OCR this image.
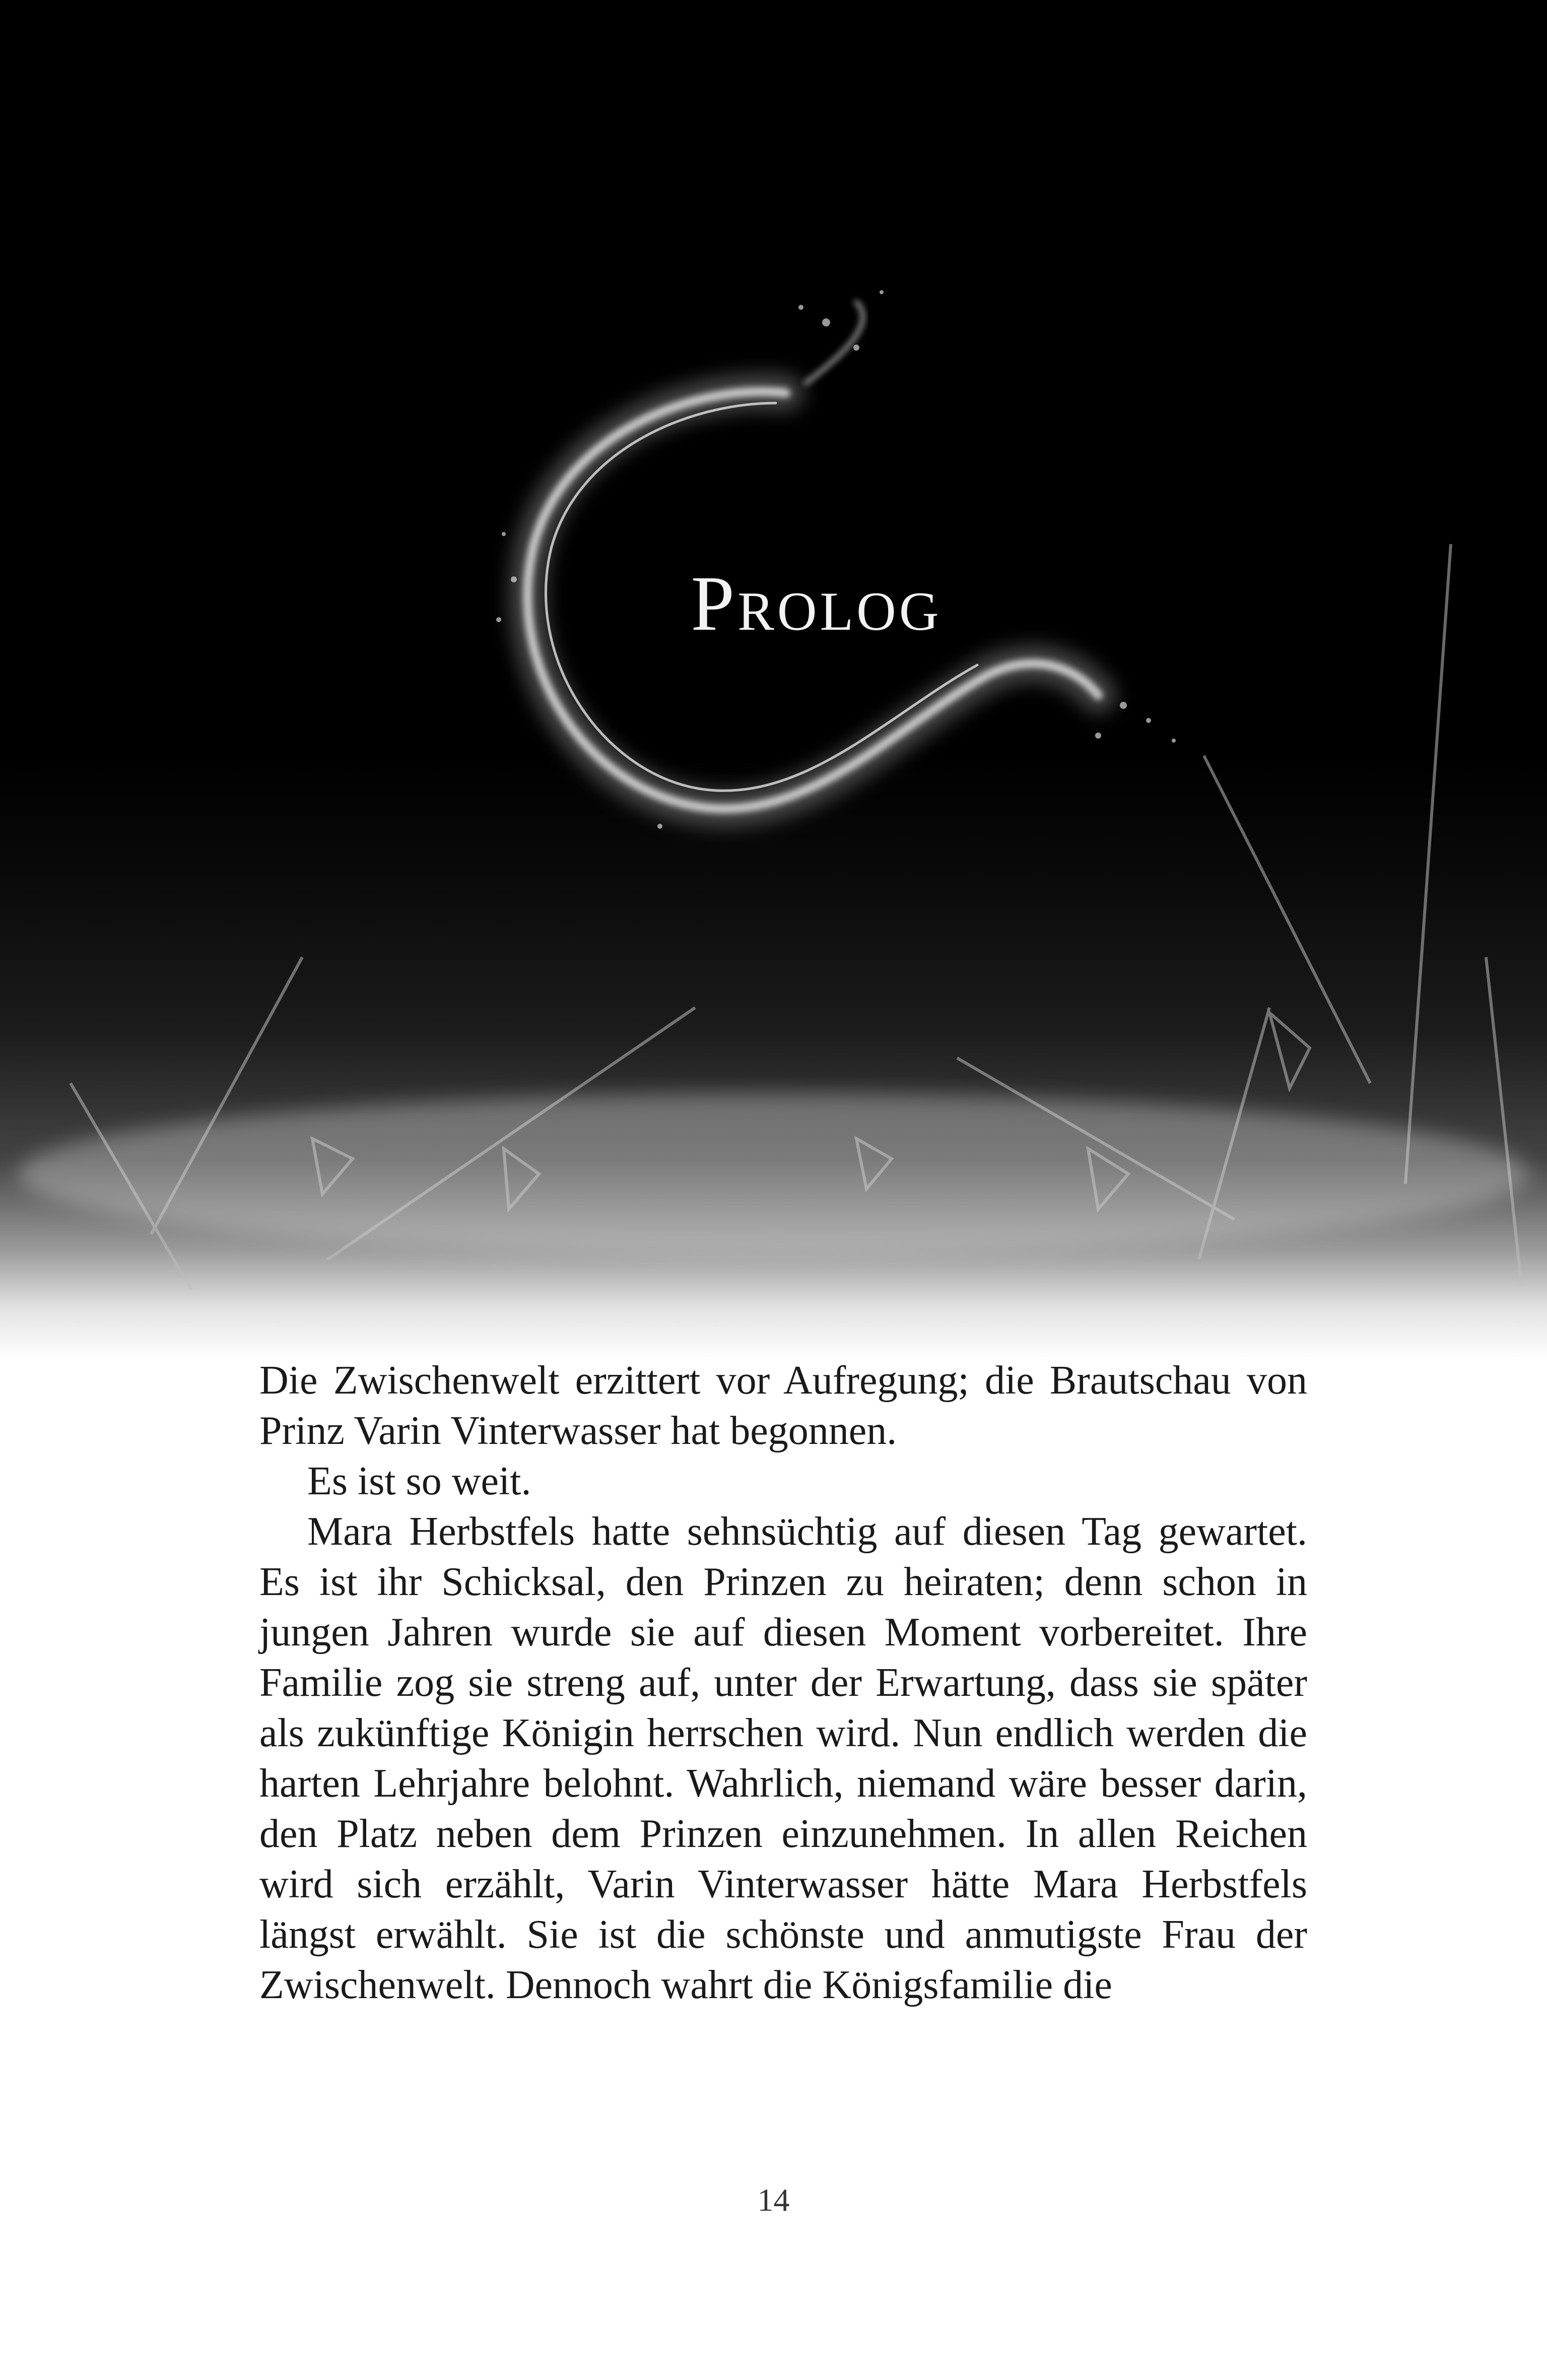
Prolog

Die Zwischenwelt erzittert vor Aufregung; die Brautschau von Prinz Varin Vinterwasser hat begonnen.

Es ist so weit.

Mara Herbstfels hatte sehnsüchtig auf diesen Tag gewartet. Es ist ihr Schicksal, den Prinzen zu heiraten; denn schon in jungen Jahren wurde sie auf diesen Moment vorbereitet. Ihre Familie zog sie streng auf, unter der Erwartung, dass sie später als zukünftige Königin herrschen wird. Nun endlich werden die harten Lehrjahre belohnt. Wahrlich, niemand wäre besser darin, den Platz neben dem Prinzen einzunehmen. In allen Reichen wird sich erzählt, Varin Vinterwasser hätte Mara Herbstfels längst erwählt. Sie ist die schönste und anmutigste Frau der Zwischenwelt. Dennoch wahrt die Königsfamilie die

14
